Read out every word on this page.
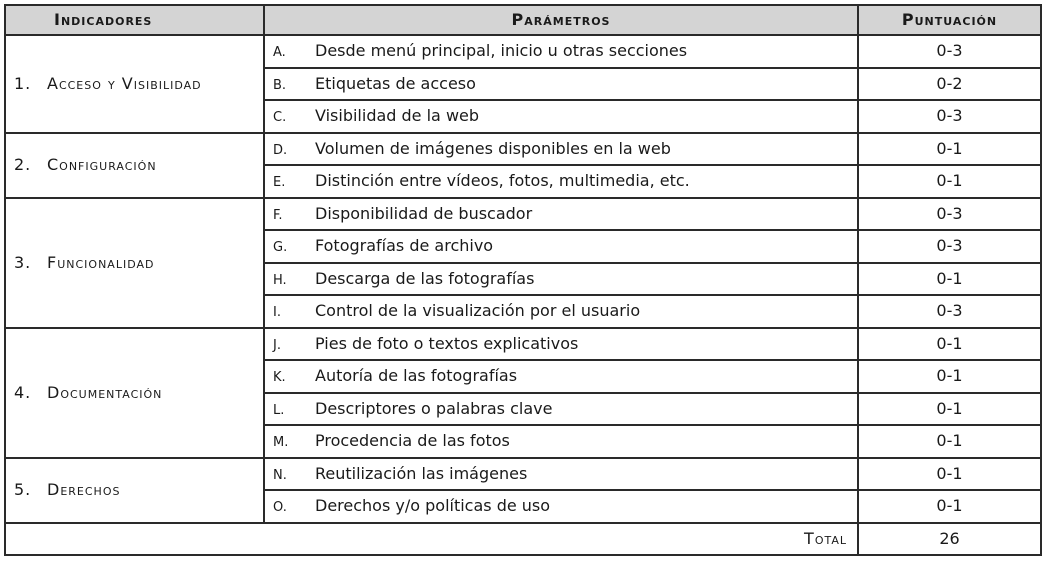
Indicadores	Parámetros	Puntuación
1. Acceso y Visibilidad	A. Desde menú principal, inicio u otras secciones	0-3
	B. Etiquetas de acceso	0-2
	C. Visibilidad de la web	0-3
2. Configuración	D. Volumen de imágenes disponibles en la web	0-1
	E. Distinción entre vídeos, fotos, multimedia, etc.	0-1
3. Funcionalidad	F. Disponibilidad de buscador	0-3
	G. Fotografías de archivo	0-3
	H. Descarga de las fotografías	0-1
	I. Control de la visualización por el usuario	0-3
4. Documentación	J. Pies de foto o textos explicativos	0-1
	K. Autoría de las fotografías	0-1
	L. Descriptores o palabras clave	0-1
	M. Procedencia de las fotos	0-1
5. Derechos	N. Reutilización las imágenes	0-1
	O. Derechos y/o políticas de uso	0-1
Total		26
